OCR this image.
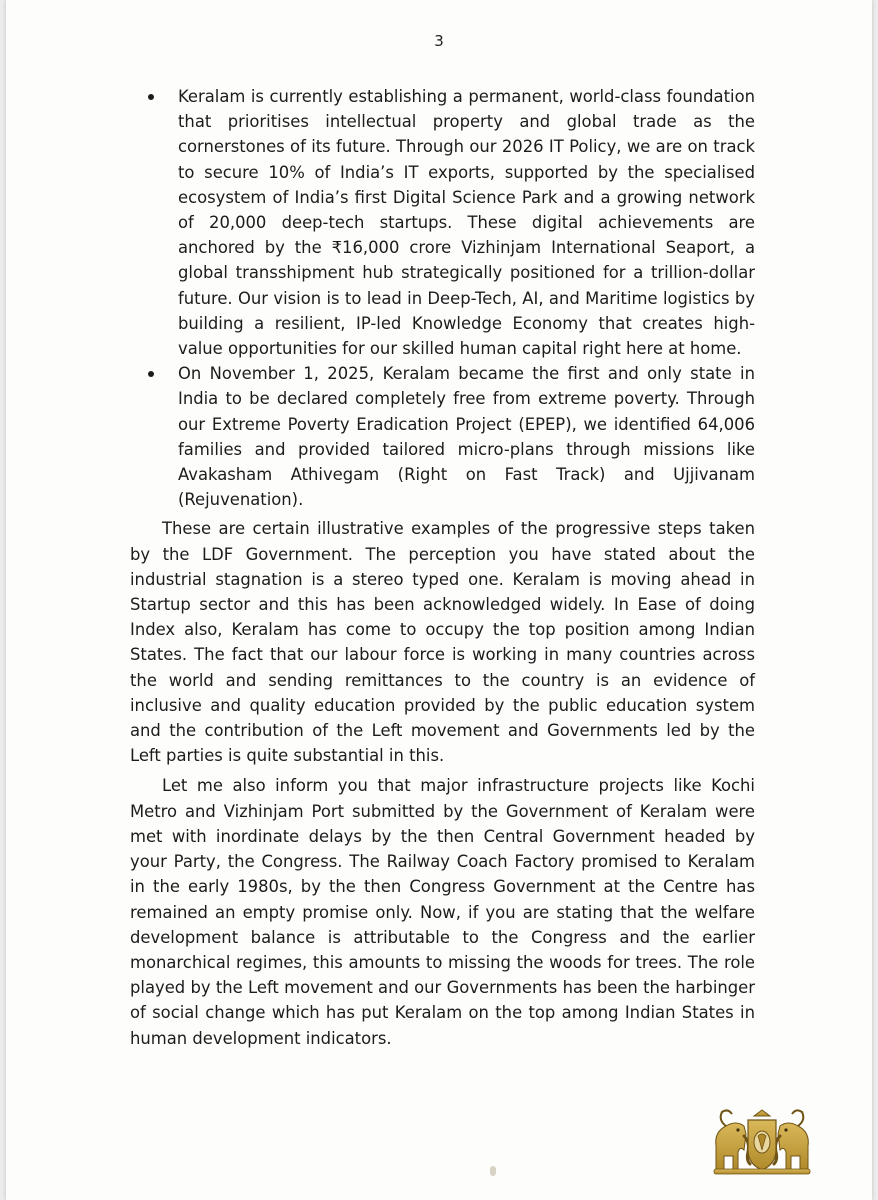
3
Keralam is currently establishing a permanent, world-class foundation that prioritises intellectual property and global trade as the cornerstones of its future. Through our 2026 IT Policy, we are on track to secure 10% of India’s IT exports, supported by the specialised ecosystem of India’s first Digital Science Park and a growing network of 20,000 deep-tech startups. These digital achievements are anchored by the ₹16,000 crore Vizhinjam International Seaport, a global transshipment hub strategically positioned for a trillion-dollar future. Our vision is to lead in Deep-Tech, AI, and Maritime logistics by building a resilient, IP-led Knowledge Economy that creates high-value opportunities for our skilled human capital right here at home.
On November 1, 2025, Keralam became the first and only state in India to be declared completely free from extreme poverty. Through our Extreme Poverty Eradication Project (EPEP), we identified 64,006 families and provided tailored micro-plans through missions like Avakasham Athivegam (Right on Fast Track) and Ujjivanam (Rejuvenation).

These are certain illustrative examples of the progressive steps taken by the LDF Government. The perception you have stated about the industrial stagnation is a stereo typed one. Keralam is moving ahead in Startup sector and this has been acknowledged widely. In Ease of doing Index also, Keralam has come to occupy the top position among Indian States. The fact that our labour force is working in many countries across the world and sending remittances to the country is an evidence of inclusive and quality education provided by the public education system and the contribution of the Left movement and Governments led by the Left parties is quite substantial in this.

Let me also inform you that major infrastructure projects like Kochi Metro and Vizhinjam Port submitted by the Government of Keralam were met with inordinate delays by the then Central Government headed by your Party, the Congress. The Railway Coach Factory promised to Keralam in the early 1980s, by the then Congress Government at the Centre has remained an empty promise only. Now, if you are stating that the welfare development balance is attributable to the Congress and the earlier monarchical regimes, this amounts to missing the woods for trees. The role played by the Left movement and our Governments has been the harbinger of social change which has put Keralam on the top among Indian States in human development indicators.
